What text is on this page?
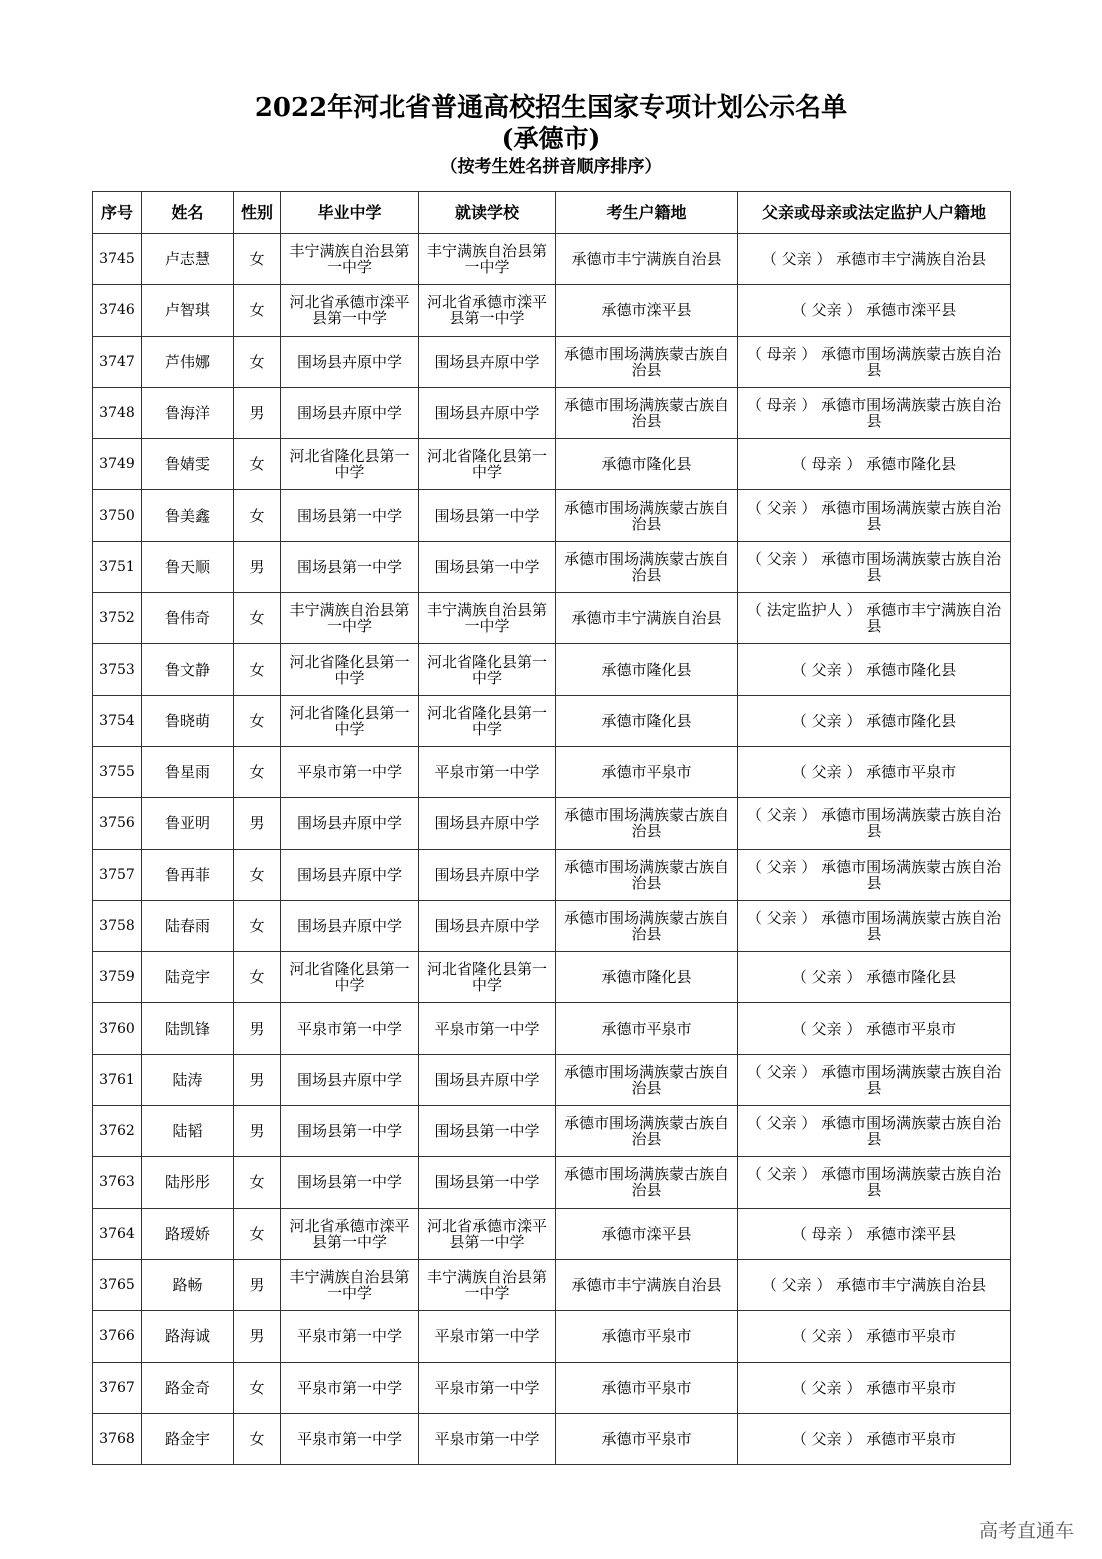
2022年河北省普通高校招生国家专项计划公示名单
(承德市)
（按考生姓名拼音顺序排序）
序号	姓名	性别	毕业中学	就读学校	考生户籍地	父亲或母亲或法定监护人户籍地
3745	卢志慧	女	丰宁满族自治县第一中学	丰宁满族自治县第一中学	承德市丰宁满族自治县	（ 父亲 ） 承德市丰宁满族自治县
3746	卢智琪	女	河北省承德市滦平县第一中学	河北省承德市滦平县第一中学	承德市滦平县	（ 父亲 ） 承德市滦平县
3747	芦伟娜	女	围场县卉原中学	围场县卉原中学	承德市围场满族蒙古族自治县	（ 母亲 ） 承德市围场满族蒙古族自治县
3748	鲁海洋	男	围场县卉原中学	围场县卉原中学	承德市围场满族蒙古族自治县	（ 母亲 ） 承德市围场满族蒙古族自治县
3749	鲁婧雯	女	河北省隆化县第一中学	河北省隆化县第一中学	承德市隆化县	（ 母亲 ） 承德市隆化县
3750	鲁美鑫	女	围场县第一中学	围场县第一中学	承德市围场满族蒙古族自治县	（ 父亲 ） 承德市围场满族蒙古族自治县
3751	鲁天顺	男	围场县第一中学	围场县第一中学	承德市围场满族蒙古族自治县	（ 父亲 ） 承德市围场满族蒙古族自治县
3752	鲁伟奇	女	丰宁满族自治县第一中学	丰宁满族自治县第一中学	承德市丰宁满族自治县	（ 法定监护人 ） 承德市丰宁满族自治县
3753	鲁文静	女	河北省隆化县第一中学	河北省隆化县第一中学	承德市隆化县	（ 父亲 ） 承德市隆化县
3754	鲁晓萌	女	河北省隆化县第一中学	河北省隆化县第一中学	承德市隆化县	（ 父亲 ） 承德市隆化县
3755	鲁星雨	女	平泉市第一中学	平泉市第一中学	承德市平泉市	（ 父亲 ） 承德市平泉市
3756	鲁亚明	男	围场县卉原中学	围场县卉原中学	承德市围场满族蒙古族自治县	（ 父亲 ） 承德市围场满族蒙古族自治县
3757	鲁再菲	女	围场县卉原中学	围场县卉原中学	承德市围场满族蒙古族自治县	（ 父亲 ） 承德市围场满族蒙古族自治县
3758	陆春雨	女	围场县卉原中学	围场县卉原中学	承德市围场满族蒙古族自治县	（ 父亲 ） 承德市围场满族蒙古族自治县
3759	陆竞宇	女	河北省隆化县第一中学	河北省隆化县第一中学	承德市隆化县	（ 父亲 ） 承德市隆化县
3760	陆凯锋	男	平泉市第一中学	平泉市第一中学	承德市平泉市	（ 父亲 ） 承德市平泉市
3761	陆涛	男	围场县卉原中学	围场县卉原中学	承德市围场满族蒙古族自治县	（ 父亲 ） 承德市围场满族蒙古族自治县
3762	陆韬	男	围场县第一中学	围场县第一中学	承德市围场满族蒙古族自治县	（ 父亲 ） 承德市围场满族蒙古族自治县
3763	陆彤彤	女	围场县第一中学	围场县第一中学	承德市围场满族蒙古族自治县	（ 父亲 ） 承德市围场满族蒙古族自治县
3764	路瑷娇	女	河北省承德市滦平县第一中学	河北省承德市滦平县第一中学	承德市滦平县	（ 母亲 ） 承德市滦平县
3765	路畅	男	丰宁满族自治县第一中学	丰宁满族自治县第一中学	承德市丰宁满族自治县	（ 父亲 ） 承德市丰宁满族自治县
3766	路海诚	男	平泉市第一中学	平泉市第一中学	承德市平泉市	（ 父亲 ） 承德市平泉市
3767	路金奇	女	平泉市第一中学	平泉市第一中学	承德市平泉市	（ 父亲 ） 承德市平泉市
3768	路金宇	女	平泉市第一中学	平泉市第一中学	承德市平泉市	（ 父亲 ） 承德市平泉市
高考直通车
